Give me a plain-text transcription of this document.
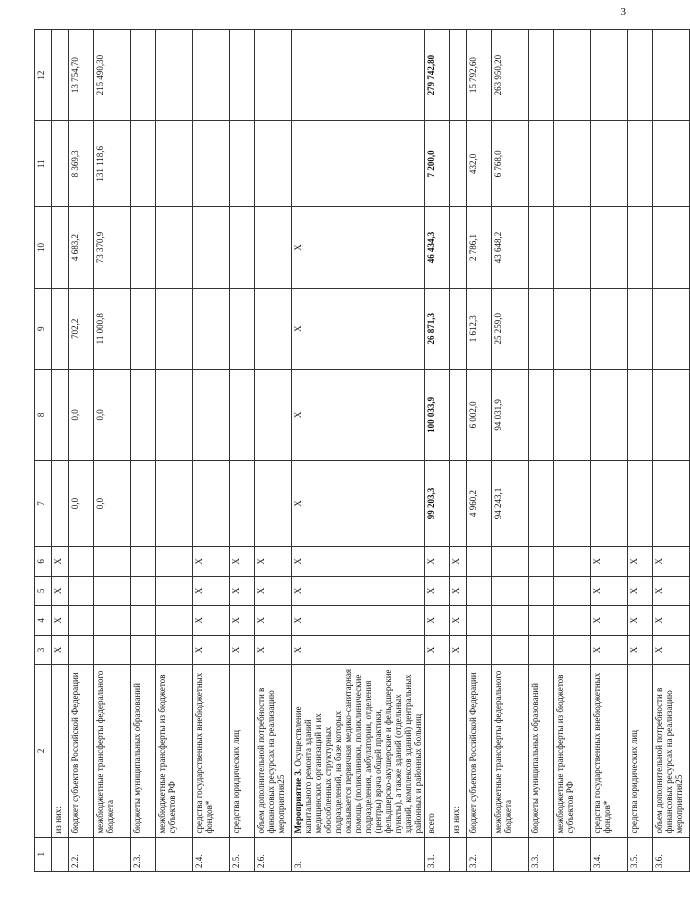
3
1	2	3	4	5	6	7	8	9	10	11	12
	из них:	X	X	X	X						
2.2.	бюджет субъектов Российской Федерации					0,0	0,0	702,2	4 683,2	8 369,3	13 754,70
	межбюджетные трансферты федерального бюджета					0,0	0,0	11 000,8	73 370,9	131 118,6	215 490,30
2.3.	бюджеты муниципальных образований										
	межбюджетные трансферты из бюджетов субъектов РФ										
2.4.	средства государственных внебюджетных фондов*	X	X	X	X						
2.5.	средства юридических лиц	X	X	X	X						
2.6.	объем дополнительной потребности в финансовых ресурсах на реализацию мероприятия25	X	X	X	X						
3.	Мероприятие 3. Осуществление капитального ремонта зданий медицинских организаций и их обособленных структурных подразделений, на базе которых оказывается первичная медико-санитарная помощь (поликлиники, поликлинические подразделения, амбулатории, отделения (центры) врача общей практики, фельдшерско-акушерские и фельдшерские пункты), а также зданий (отдельных зданий, комплексов зданий) центральных районных и районных больниц	X	X	X	X	X	X	X	X		
3.1.	всего	X	X	X	X	99 203,3	100 033,9	26 871,3	46 434,3	7 200,0	279 742,80
	из них:	X	X	X	X						
3.2.	бюджет субъектов Российской Федерации					4 960,2	6 002,0	1 612,3	2 786,1	432,0	15 792,60
	межбюджетные трансферты федерального бюджета					94 243,1	94 031,9	25 259,0	43 648,2	6 768,0	263 950,20
3.3.	бюджеты муниципальных образований										
	межбюджетные трансферты из бюджетов субъектов РФ										
3.4.	средства государственных внебюджетных фондов*	X	X	X	X						
3.5.	средства юридических лиц	X	X	X	X						
3.6.	объем дополнительной потребности в финансовых ресурсах на реализацию мероприятия25	X	X	X	X						
